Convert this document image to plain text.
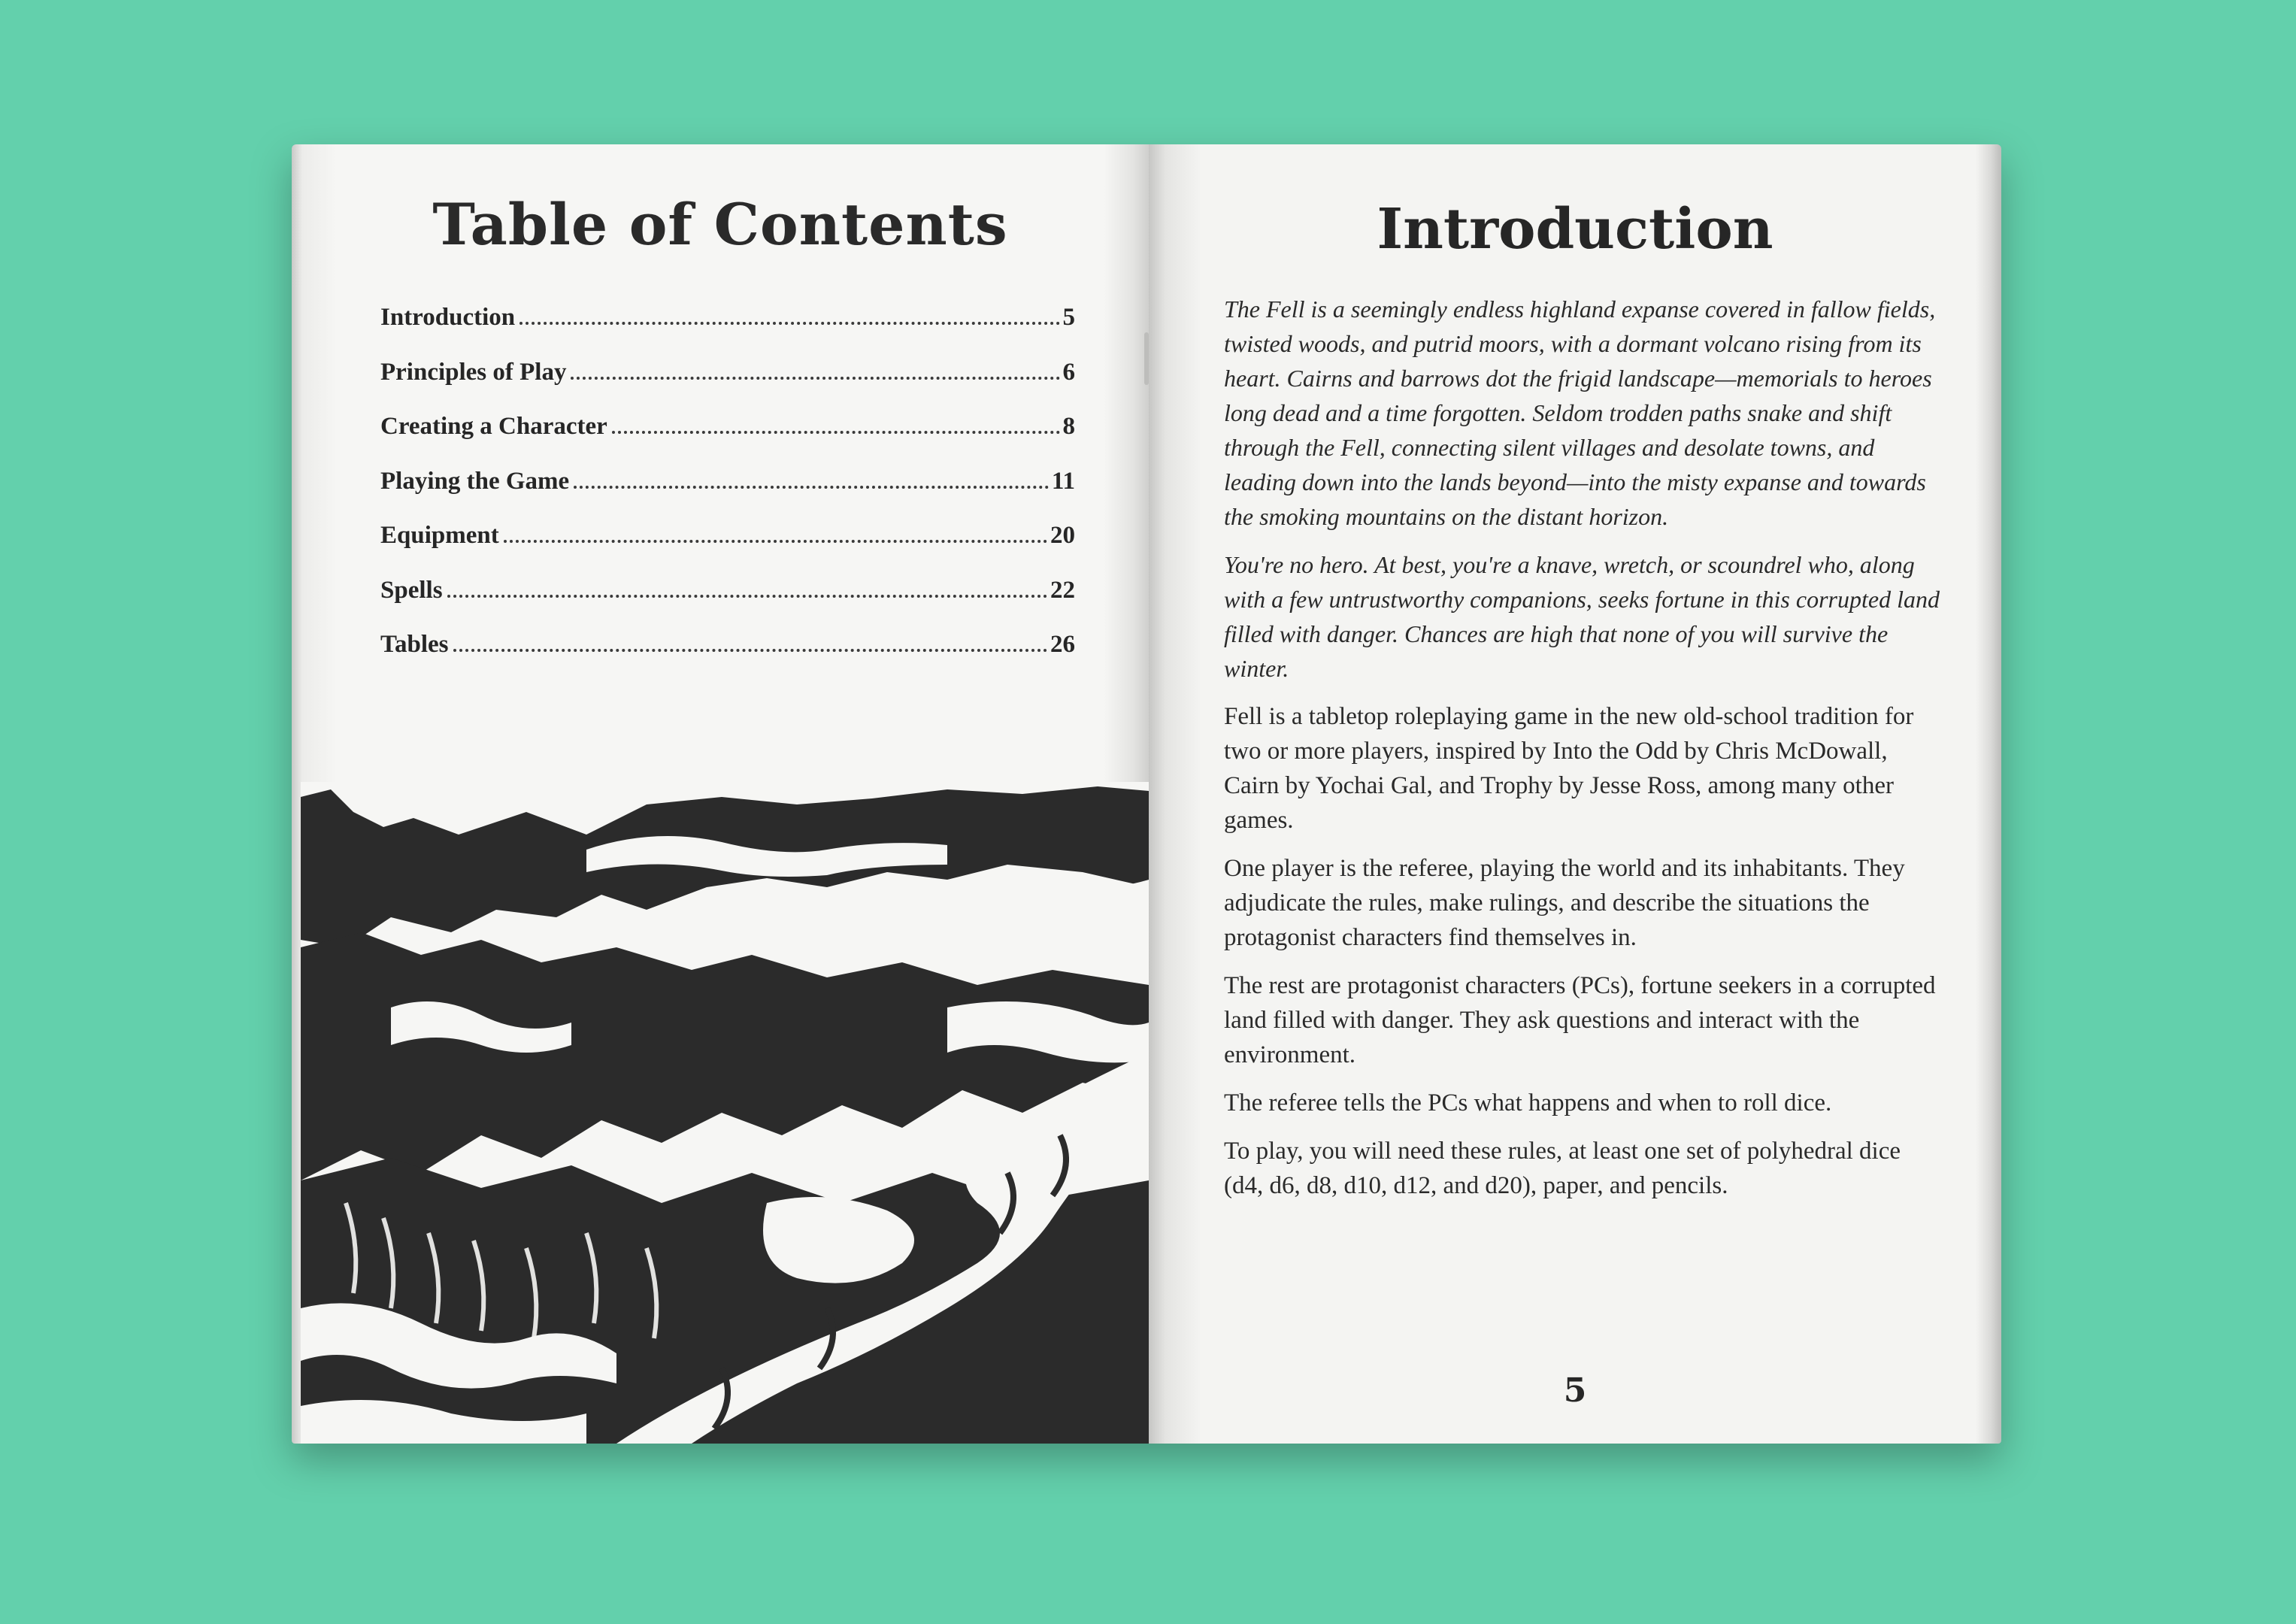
Table of Contents
Introduction	5
Principles of Play	6
Creating a Character	8
Playing the Game	11
Equipment	20
Spells	22
Tables	26
Introduction

The Fell is a seemingly endless highland expanse covered in fallow fields, twisted woods, and putrid moors, with a dormant volcano rising from its heart. Cairns and barrows dot the frigid landscape—memorials to heroes long dead and a time forgotten. Seldom trodden paths snake and shift through the Fell, connecting silent villages and desolate towns, and leading down into the lands beyond—into the misty expanse and towards the smoking mountains on the distant horizon.

You're no hero. At best, you're a knave, wretch, or scoundrel who, along with a few untrustworthy companions, seeks fortune in this corrupted land filled with danger. Chances are high that none of you will survive the winter.

Fell is a tabletop roleplaying game in the new old-school tradition for two or more players, inspired by Into the Odd by Chris McDowall, Cairn by Yochai Gal, and Trophy by Jesse Ross, among many other games.

One player is the referee, playing the world and its inhabitants. They adjudicate the rules, make rulings, and describe the situations the protagonist characters find themselves in.

The rest are protagonist characters (PCs), fortune seekers in a corrupted land filled with danger. They ask questions and interact with the environment.

The referee tells the PCs what happens and when to roll dice.

To play, you will need these rules, at least one set of polyhedral dice (d4, d6, d8, d10, d12, and d20), paper, and pencils.

5
